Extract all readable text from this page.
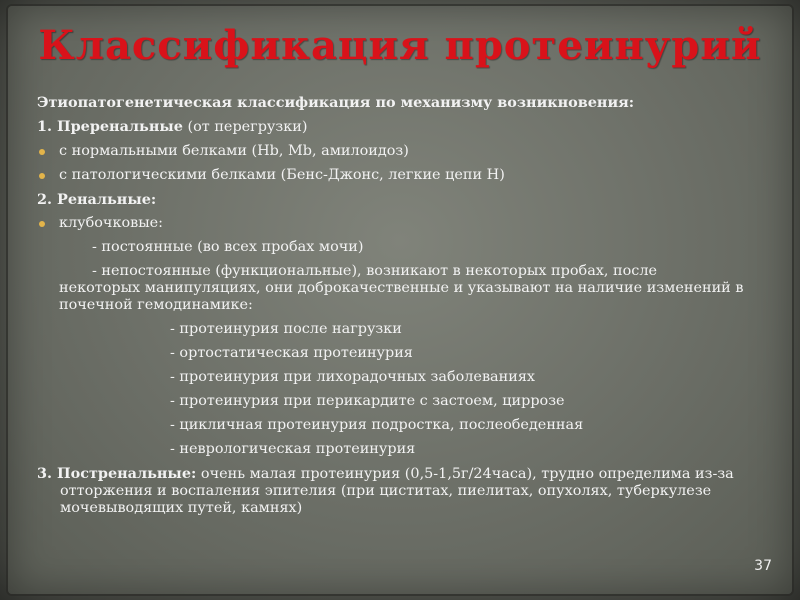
Классификация протеинурий
Этиопатогенетическая классификация по механизму возникновения:
1. Преренальные (от перегрузки)
с нормальными белками (Hb, Mb, амилоидоз)
с патологическими белками (Бенс-Джонс, легкие цепи Н)
2. Ренальные:
клубочковые:
- постоянные (во всех пробах мочи)
- непостоянные (функциональные), возникают в некоторых пробах, после
некоторых манипуляциях, они доброкачественные и указывают на наличие изменений в почечной гемодинамике:
- протеинурия после нагрузки
- ортостатическая протеинурия
- протеинурия при лихорадочных заболеваниях
- протеинурия при перикардите с застоем, циррозе
- цикличная протеинурия подростка, послеобеденная
- неврологическая протеинурия
3. Постренальные: очень малая протеинурия (0,5-1,5г/24часа), трудно определима из-за отторжения и воспаления эпителия (при циститах, пиелитах, опухолях, туберкулезе мочевыводящих путей, камнях)
37
